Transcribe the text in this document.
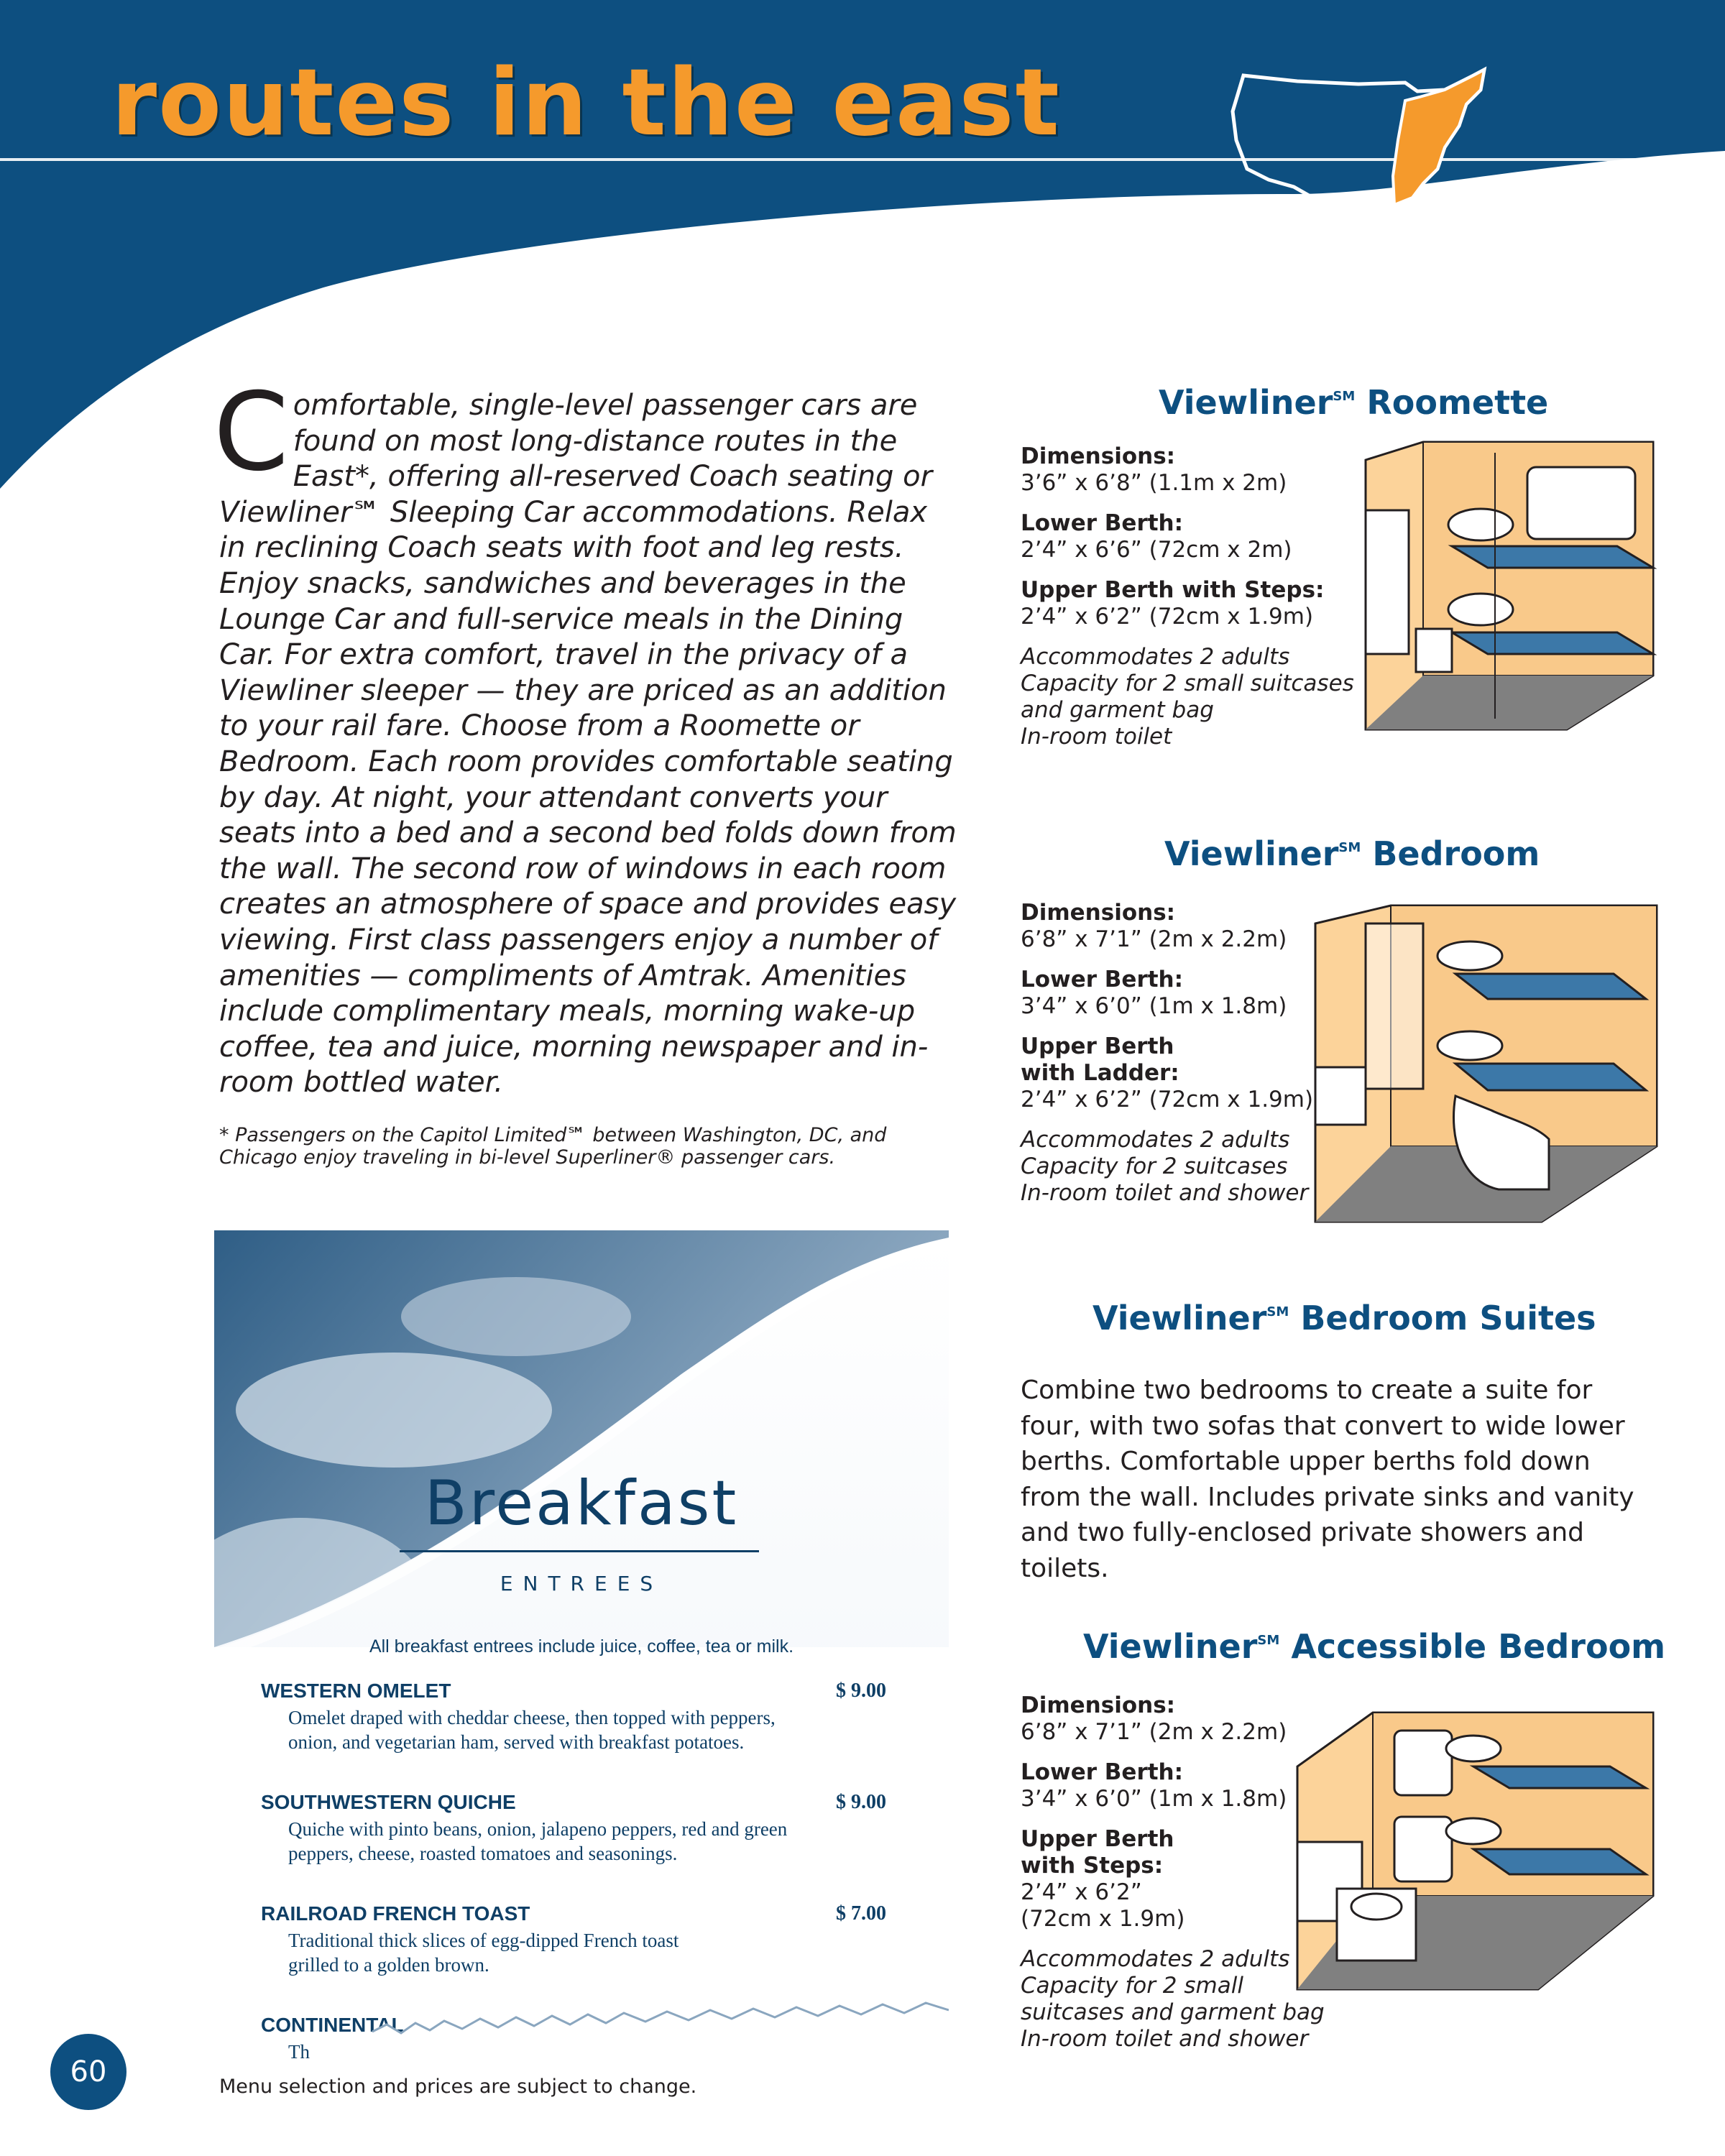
routes in the east
C omfortable, single-level passenger cars are found on most long-distance routes in the East*, offering all-reserved Coach seating or Viewliner℠ Sleeping Car accommodations. Relax in reclining Coach seats with foot and leg rests. Enjoy snacks, sandwiches and beverages in the Lounge Car and full-service meals in the Dining Car. For extra comfort, travel in the privacy of a Viewliner sleeper — they are priced as an addition to your rail fare. Choose from a Roomette or Bedroom. Each room provides comfortable seating by day. At night, your attendant converts your seats into a bed and a second bed folds down from the wall. The second row of windows in each room creates an atmosphere of space and provides easy viewing. First class passengers enjoy a number of amenities — compliments of Amtrak. Amenities include complimentary meals, morning wake-up coffee, tea and juice, morning newspaper and in-room bottled water.
* Passengers on the Capitol Limited℠ between Washington, DC, and Chicago enjoy traveling in bi-level Superliner® passenger cars.
Viewliner℠ Roomette
Dimensions:
3’6” x 6’8” (1.1m x 2m)
Lower Berth:
2’4” x 6’6” (72cm x 2m)
Upper Berth with Steps:
2’4” x 6’2” (72cm x 1.9m)
Accommodates 2 adults
Capacity for 2 small suitcases
and garment bag
In-room toilet
Viewliner℠ Bedroom
Dimensions:
6’8” x 7’1” (2m x 2.2m)
Lower Berth:
3’4” x 6’0” (1m x 1.8m)
Upper Berth
with Ladder:
2’4” x 6’2” (72cm x 1.9m)
Accommodates 2 adults
Capacity for 2 suitcases
In-room toilet and shower
Viewliner℠ Bedroom Suites
Combine two bedrooms to create a suite for four, with two sofas that convert to wide lower berths. Comfortable upper berths fold down from the wall. Includes private sinks and vanity and two fully-enclosed private showers and toilets.
Viewliner℠ Accessible Bedroom
Dimensions:
6’8” x 7’1” (2m x 2.2m)
Lower Berth:
3’4” x 6’0” (1m x 1.8m)
Upper Berth
with Steps:
2’4” x 6’2”
(72cm x 1.9m)
Accommodates 2 adults
Capacity for 2 small
suitcases and garment bag
In-room toilet and shower
Breakfast
ENTREES
All breakfast entrees include juice, coffee, tea or milk.
WESTERN OMELET	$ 9.00
Omelet draped with cheddar cheese, then topped with peppers, onion, and vegetarian ham, served with breakfast potatoes.
SOUTHWESTERN QUICHE	$ 9.00
Quiche with pinto beans, onion, jalapeno peppers, red and green peppers, cheese, roasted tomatoes and seasonings.
RAILROAD FRENCH TOAST	$ 7.00
Traditional thick slices of egg-dipped French toast grilled to a golden brown.
CONTINENTAL
Th
Menu selection and prices are subject to change.
60
